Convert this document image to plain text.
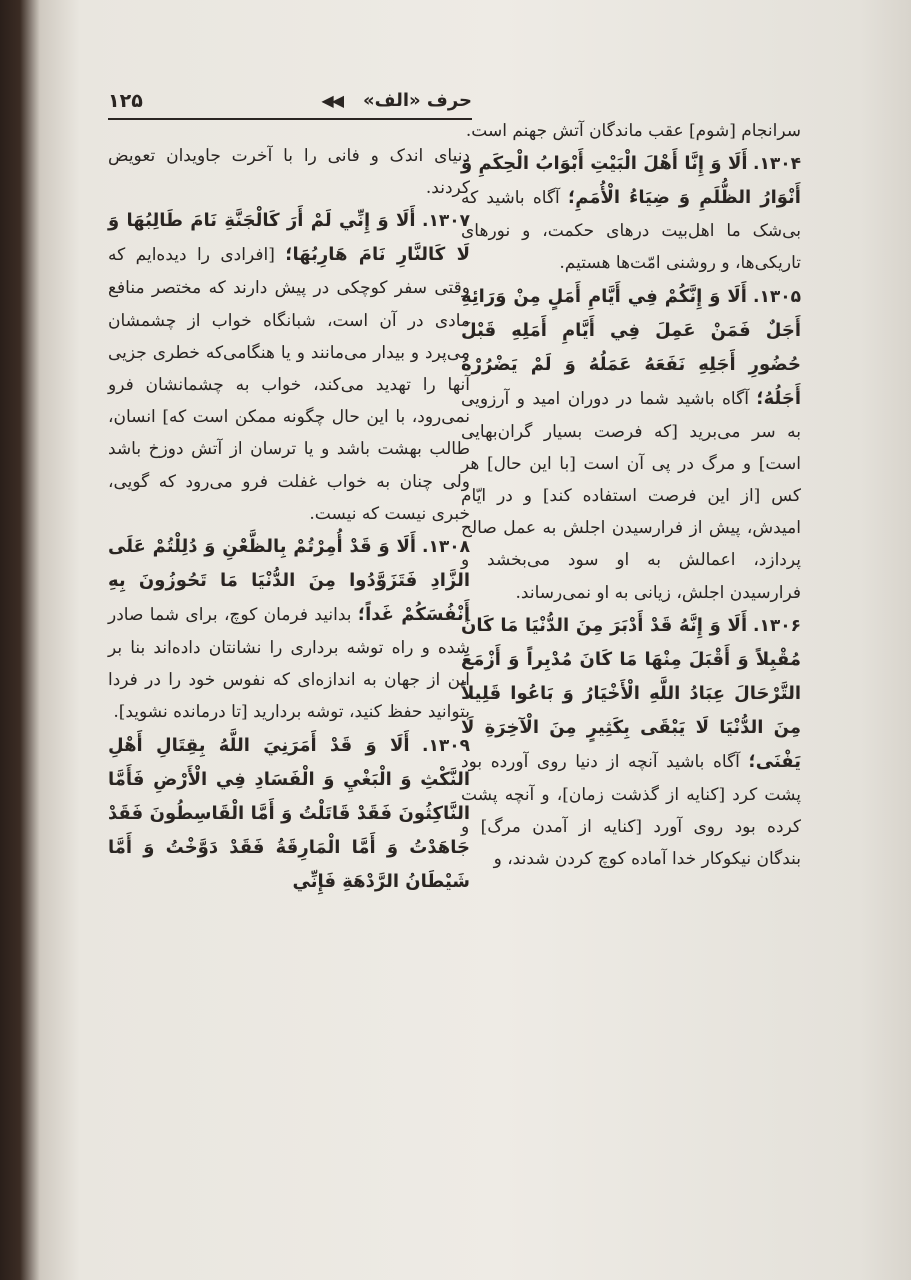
حرف «الف»
◀◀
۱۲۵

سرانجام [شوم] عقب ماندگان آتش جهنم است.

۱۳۰۴. أَلَا وَ إِنَّا أَهْلَ الْبَيْتِ أَبْوَابُ الْحِكَمِ وَ أَنْوَارُ الظُّلَمِ وَ ضِيَاءُ الْأُمَمِ؛ آگاه باشید که بی‌شک ما اهل‌بیت درهای حکمت، و نورهای تاریکی‌ها، و روشنی امّت‌ها هستیم.

۱۳۰۵. أَلَا وَ إِنَّكُمْ فِي أَيَّامِ أَمَلٍ مِنْ وَرَائِهِ أَجَلٌ فَمَنْ عَمِلَ فِي أَيَّامِ أَمَلِهِ قَبْلَ حُضُورِ أَجَلِهِ نَفَعَهُ عَمَلُهُ وَ لَمْ يَضْرُرْهُ أَجَلُهُ؛ آگاه باشید شما در دوران امید و آرزویی به سر می‌برید [که فرصت بسیار گران‌بهایی است] و مرگ در پی آن است [با این حال] هر کس [از این فرصت استفاده کند] و در ایّام امیدش، پیش از فرارسیدن اجلش به عمل صالح پردازد، اعمالش به او سود می‌بخشد و فرارسیدن اجلش، زیانی به او نمی‌رساند.

۱۳۰۶. أَلَا وَ إِنَّهُ قَدْ أَدْبَرَ مِنَ الدُّنْيَا مَا كَانَ مُقْبِلاً وَ أَقْبَلَ مِنْهَا مَا كَانَ مُدْبِراً وَ أَزْمَعَ التَّرْحَالَ عِبَادُ اللَّهِ الْأَخْيَارُ وَ بَاعُوا قَلِيلاً مِنَ الدُّنْيَا لَا يَبْقَى بِكَثِيرٍ مِنَ الْآخِرَةِ لَا يَفْنَى؛ آگاه باشید آنچه از دنیا روی آورده بود پشت کرد [کنایه از گذشت زمان]، و آنچه پشت کرده بود روی آورد [کنایه از آمدن مرگ] و بندگان نیکوکار خدا آماده کوچ کردن شدند، و

دنیای اندک و فانی را با آخرت جاویدان تعویض کردند.

۱۳۰۷. أَلَا وَ إِنِّي لَمْ أَرَ كَالْجَنَّةِ نَامَ طَالِبُهَا وَ لَا كَالنَّارِ نَامَ هَارِبُهَا؛ [افرادی را دیده‌ایم که وقتی سفر کوچکی در پیش دارند که مختصر منافع مادی در آن است، شبانگاه خواب از چشمشان می‌پرد و بیدار می‌مانند و یا هنگامی‌که خطری جزیی آنها را تهدید می‌کند، خواب به چشمانشان فرو نمی‌رود، با این حال چگونه ممکن است که] انسان، طالب بهشت باشد و یا ترسان از آتش دوزخ باشد ولی چنان به خواب غفلت فرو می‌رود که گویی، خبری نیست که نیست.

۱۳۰۸. أَلَا وَ قَدْ أُمِرْتُمْ بِالظَّعْنِ وَ دُلِلْتُمْ عَلَى الزَّادِ فَتَزَوَّدُوا مِنَ الدُّنْيَا مَا تَحُوزُونَ بِهِ أَنْفُسَكُمْ غَداً؛ بدانید فرمان کوچ، برای شما صادر شده و راه توشه برداری را نشانتان داده‌اند بنا بر این از جهان به اندازه‌ای که نفوس خود را در فردا بتوانید حفظ کنید، توشه بردارید [تا درمانده نشوید].

۱۳۰۹. أَلَا وَ قَدْ أَمَرَنِيَ اللَّهُ بِقِتَالِ أَهْلِ النَّكْثِ وَ الْبَغْيِ وَ الْفَسَادِ فِي الْأَرْضِ فَأَمَّا النَّاكِثُونَ فَقَدْ قَاتَلْتُ وَ أَمَّا الْقَاسِطُونَ فَقَدْ جَاهَدْتُ وَ أَمَّا الْمَارِقَةُ فَقَدْ دَوَّخْتُ وَ أَمَّا شَيْطَانُ الرَّدْهَةِ فَإِنِّي
